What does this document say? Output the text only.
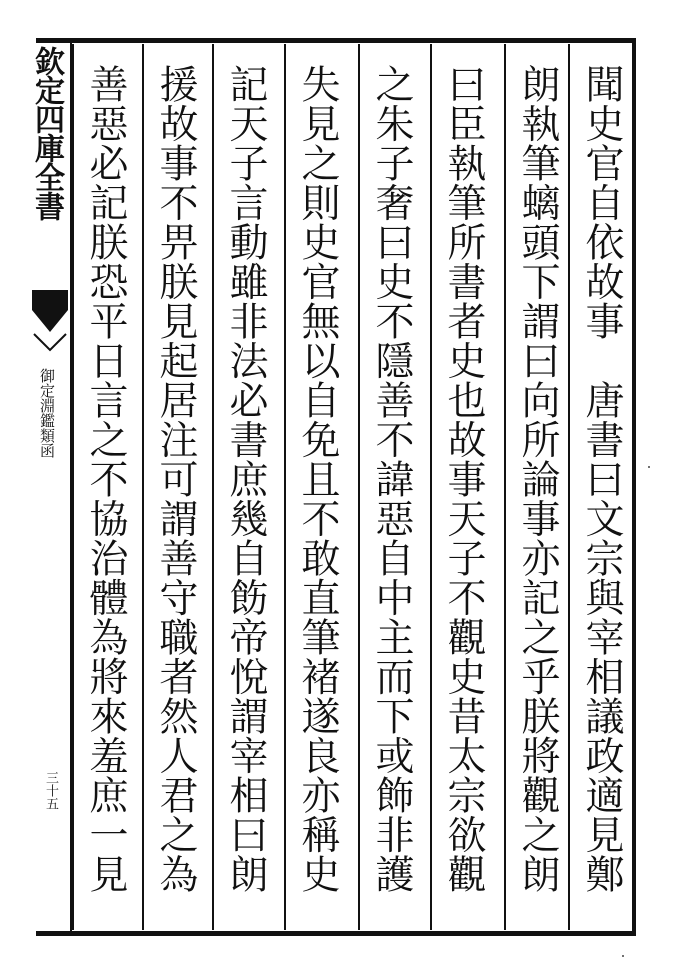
欽定四庫全書
御定淵鑑類函
三十五	聞史官自依故事　唐書曰文宗與宰相議政適見鄭
朗執筆螭頭下謂曰向所論事亦記之乎朕將觀之朗
曰臣執筆所書者史也故事天子不觀史昔太宗欲觀
之朱子奢曰史不隱善不諱惡自中主而下或飾非護
失見之則史官無以自免且不敢直筆褚遂良亦稱史
記天子言動雖非法必書庶幾自飭帝悅謂宰相曰朗
援故事不畀朕見起居注可謂善守職者然人君之為
善惡必記朕恐平日言之不協治體為將來羞庶一見
